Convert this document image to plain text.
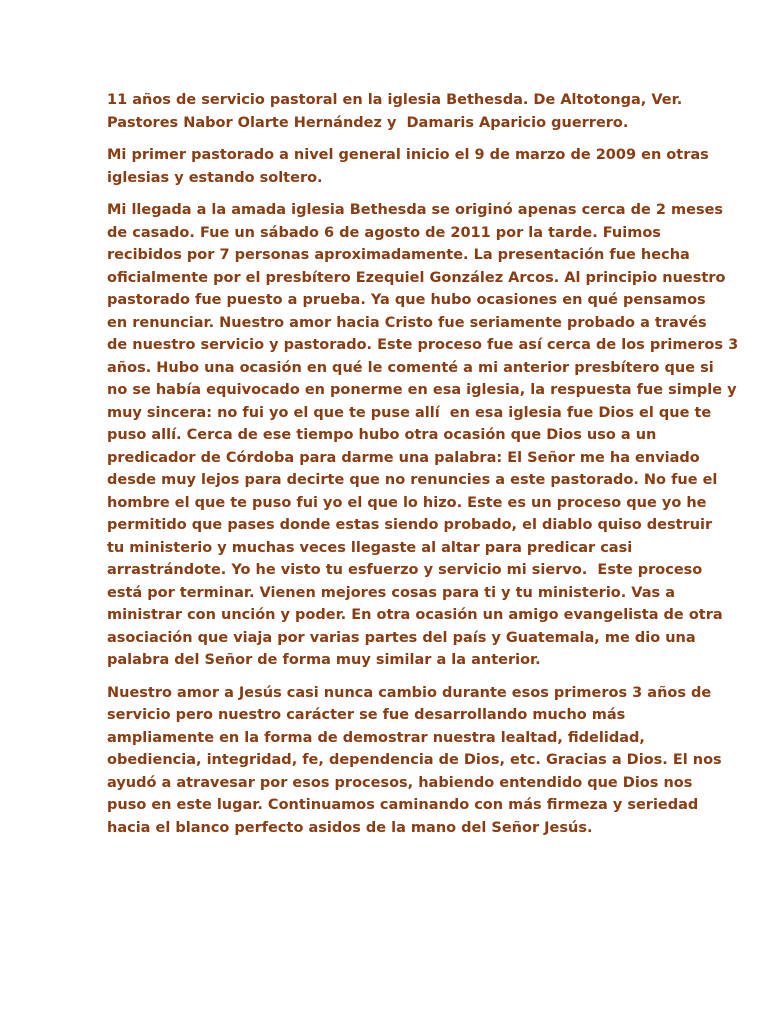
11 años de servicio pastoral en la iglesia Bethesda. De Altotonga, Ver.
Pastores Nabor Olarte Hernández y  Damaris Aparicio guerrero.
Mi primer pastorado a nivel general inicio el 9 de marzo de 2009 en otras
iglesias y estando soltero.
Mi llegada a la amada iglesia Bethesda se originó apenas cerca de 2 meses
de casado. Fue un sábado 6 de agosto de 2011 por la tarde. Fuimos
recibidos por 7 personas aproximadamente. La presentación fue hecha
oficialmente por el presbítero Ezequiel González Arcos. Al principio nuestro
pastorado fue puesto a prueba. Ya que hubo ocasiones en qué pensamos
en renunciar. Nuestro amor hacia Cristo fue seriamente probado a través
de nuestro servicio y pastorado. Este proceso fue así cerca de los primeros 3
años. Hubo una ocasión en qué le comenté a mi anterior presbítero que si
no se había equivocado en ponerme en esa iglesia, la respuesta fue simple y
muy sincera: no fui yo el que te puse allí  en esa iglesia fue Dios el que te
puso allí. Cerca de ese tiempo hubo otra ocasión que Dios uso a un
predicador de Córdoba para darme una palabra: El Señor me ha enviado
desde muy lejos para decirte que no renuncies a este pastorado. No fue el
hombre el que te puso fui yo el que lo hizo. Este es un proceso que yo he
permitido que pases donde estas siendo probado, el diablo quiso destruir
tu ministerio y muchas veces llegaste al altar para predicar casi
arrastrándote. Yo he visto tu esfuerzo y servicio mi siervo.  Este proceso
está por terminar. Vienen mejores cosas para ti y tu ministerio. Vas a
ministrar con unción y poder. En otra ocasión un amigo evangelista de otra
asociación que viaja por varias partes del país y Guatemala, me dio una
palabra del Señor de forma muy similar a la anterior.
Nuestro amor a Jesús casi nunca cambio durante esos primeros 3 años de
servicio pero nuestro carácter se fue desarrollando mucho más
ampliamente en la forma de demostrar nuestra lealtad, fidelidad,
obediencia, integridad, fe, dependencia de Dios, etc. Gracias a Dios. El nos
ayudó a atravesar por esos procesos, habiendo entendido que Dios nos
puso en este lugar. Continuamos caminando con más firmeza y seriedad
hacia el blanco perfecto asidos de la mano del Señor Jesús.
